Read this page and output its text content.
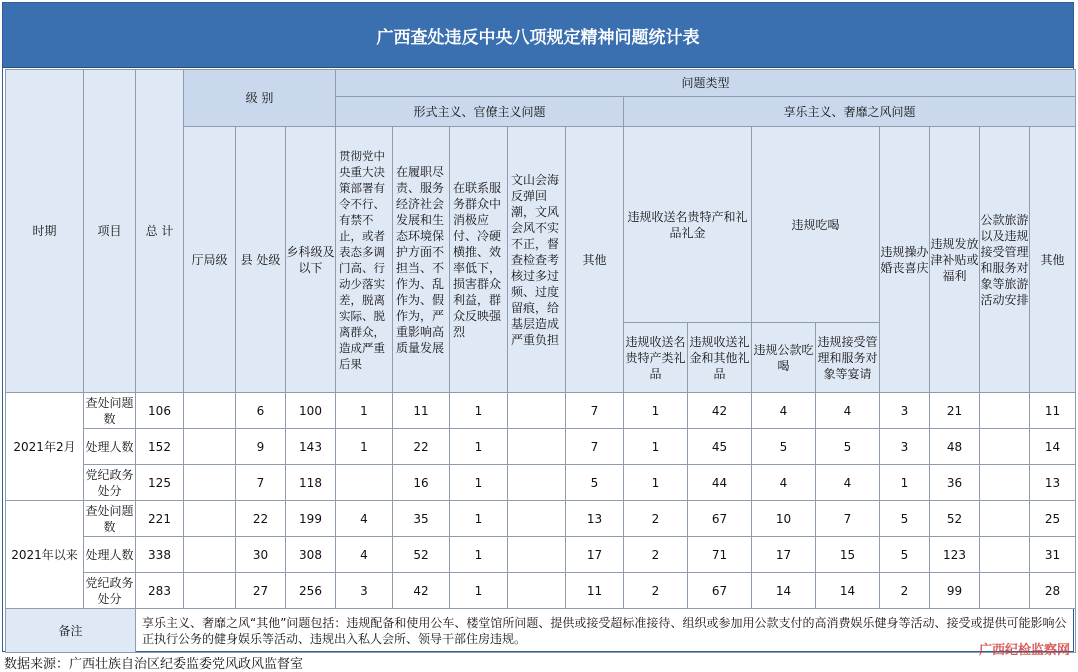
广西查处违反中央八项规定精神问题统计表
时期	项目	总 计	级 别			问题类型												
						形式主义、官僚主义问题					享乐主义、奢靡之风问题							
			厅局级	县 处级	乡科级及以下	贯彻党中央重大决策部署有令不行、有禁不止，或者表态多调门高、行动少落实差，脱离实际、脱离群众，造成严重后果	在履职尽责、服务经济社会发展和生态环境保护方面不担当、不作为、乱作为、假作为，严重影响高质量发展	在联系服务群众中消极应付、冷硬横推、效率低下，损害群众利益，群众反映强烈	文山会海反弹回潮，文风会风不实不正，督查检查考核过多过频、过度留痕，给基层造成严重负担	其他	违规收送名贵特产和礼品礼金		违规吃喝		违规操办婚丧喜庆	违规发放津补贴或福利	公款旅游以及违规接受管理和服务对象等旅游活动安排	其他

											违规收送名贵特产类礼品	违规收送礼金和其他礼品	违规公款吃喝	违规接受管理和服务对象等宴请				
2021年2月	查处问题数	106		6	100	1	11	1		7	1	42	4	4	3	21		11
	处理人数	152		9	143	1	22	1		7	1	45	5	5	3	48		14
	党纪政务处分	125		7	118		16	1		5	1	44	4	4	1	36		13
2021年以来	查处问题数	221		22	199	4	35	1		13	2	67	10	7	5	52		25
	处理人数	338		30	308	4	52	1		17	2	71	17	15	5	123		31
	党纪政务处分	283		27	256	3	42	1		11	2	67	14	14	2	99		28
备注		享乐主义、奢靡之风“其他”问题包括：违规配备和使用公车、楼堂馆所问题、提供或接受超标准接待、组织或参加用公款支付的高消费娱乐健身等活动、接受或提供可能影响公正执行公务的健身娱乐等活动、违规出入私人会所、领导干部住房违规。																
数据来源：广西壮族自治区纪委监委党风政风监督室
广西纪检监察网
